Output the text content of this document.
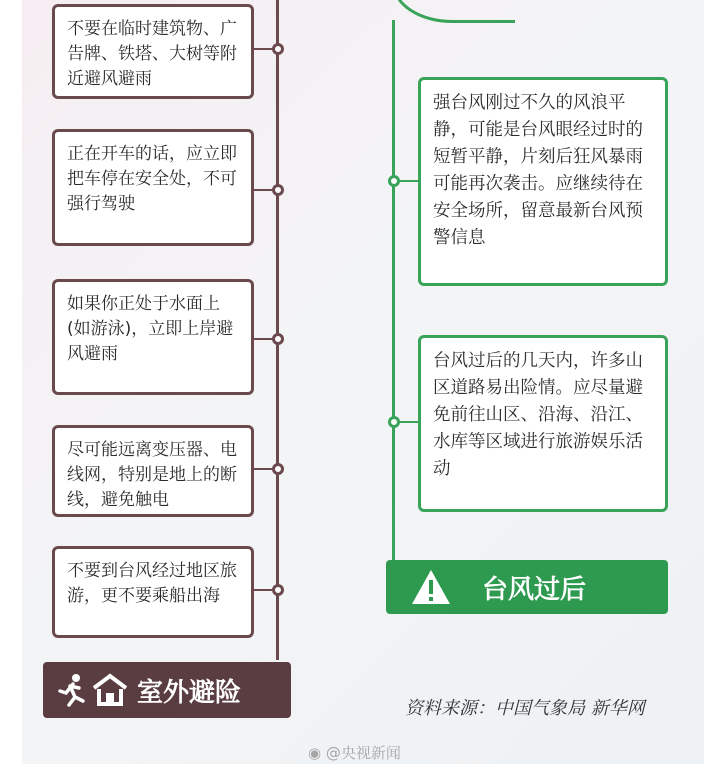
不要在临时建筑物、广告牌、铁塔、大树等附近避风避雨
正在开车的话，应立即把车停在安全处，不可强行驾驶
如果你正处于水面上(如游泳)，立即上岸避风避雨
尽可能远离变压器、电线网，特别是地上的断线，避免触电
不要到台风经过地区旅游，更不要乘船出海
强台风刚过不久的风浪平静，可能是台风眼经过时的短暂平静，片刻后狂风暴雨可能再次袭击。应继续待在安全场所，留意最新台风预警信息
台风过后的几天内，许多山区道路易出险情。应尽量避免前往山区、沿海、沿江、水库等区域进行旅游娱乐活动
台风过后
室外避险
资料来源：中国气象局 新华网
◉ @央视新闻
